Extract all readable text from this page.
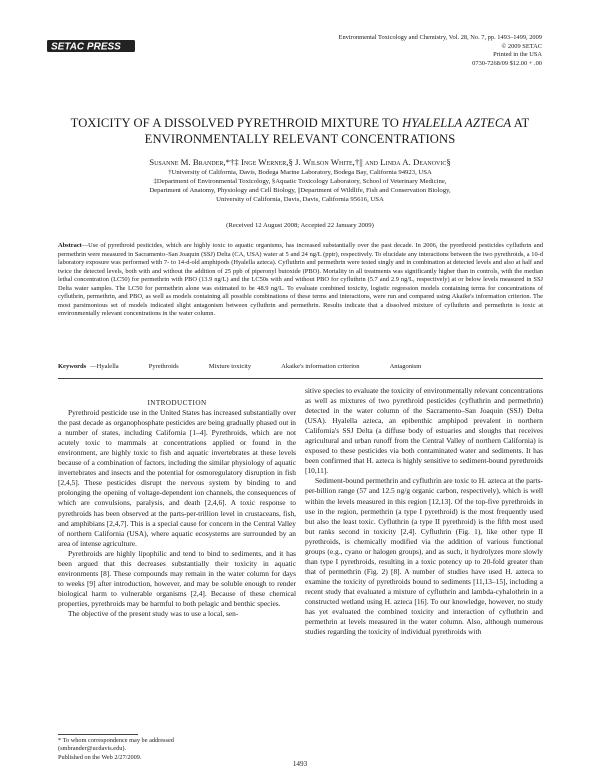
SETAC PRESS
Environmental Toxicology and Chemistry, Vol. 28, No. 7, pp. 1493–1499, 2009
© 2009 SETAC
Printed in the USA
0730-7268/09 $12.00 + .00
TOXICITY OF A DISSOLVED PYRETHROID MIXTURE TO HYALELLA AZTECA AT
ENVIRONMENTALLY RELEVANT CONCENTRATIONS
Susanne M. Brander,*†‡ Inge Werner,§ J. Wilson White,†|| and Linda A. Deanovic§
†University of California, Davis, Bodega Marine Laboratory, Bodega Bay, California 94923, USA
‡Department of Environmental Toxicology, §Aquatic Toxicology Laboratory, School of Veterinary Medicine,
Department of Anatomy, Physiology and Cell Biology, ||Department of Wildlife, Fish and Conservation Biology,
University of California, Davis, Davis, California 95616, USA
(Received 12 August 2008; Accepted 22 January 2009)
Abstract—Use of pyrethroid pesticides, which are highly toxic to aquatic organisms, has increased substantially over the past decade. In 2006, the pyrethroid pesticides cyfluthrin and permethrin were measured in Sacramento–San Joaquin (SSJ) Delta (CA, USA) water at 5 and 24 ng/L (pptr), respectively. To elucidate any interactions between the two pyrethroids, a 10-d laboratory exposure was performed with 7- to 14-d-old amphipods (Hyalella azteca). Cyfluthrin and permethrin were tested singly and in combination at detected levels and also at half and twice the detected levels, both with and without the addition of 25 ppb of piperonyl butoxide (PBO). Mortality in all treatments was significantly higher than in controls, with the median lethal concentration (LC50) for permethrin with PBO (13.9 ng/L) and the LC50s with and without PBO for cyfluthrin (5.7 and 2.9 ng/L, respectively) at or below levels measured in SSJ Delta water samples. The LC50 for permethrin alone was estimated to be 48.9 ng/L. To evaluate combined toxicity, logistic regression models containing terms for concentrations of cyfluthrin, permethrin, and PBO, as well as models containing all possible combinations of these terms and interactions, were run and compared using Akaike's information criterion. The most parsimonious set of models indicated slight antagonism between cyfluthrin and permethrin. Results indicate that a dissolved mixture of cyfluthrin and permethrin is toxic at environmentally relevant concentrations in the water column.
Keywords —Hyalella	Pyrethroids	Mixture toxicity	Akaike's information criterion	Antagonism

INTRODUCTION

Pyrethroid pesticide use in the United States has increased substantially over the past decade as organophosphate pesticides are being gradually phased out in a number of states, including California [1–4]. Pyrethroids, which are not acutely toxic to mammals at concentrations applied or found in the environment, are highly toxic to fish and aquatic invertebrates at these levels because of a combination of factors, including the similar physiology of aquatic invertebrates and insects and the potential for osmoregulatory disruption in fish [2,4,5]. These pesticides disrupt the nervous system by binding to and prolonging the opening of voltage-dependent ion channels, the consequences of which are convulsions, paralysis, and death [2,4,6]. A toxic response to pyrethroids has been observed at the parts-per-trillion level in crustaceans, fish, and amphibians [2,4,7]. This is a special cause for concern in the Central Valley of northern California (USA), where aquatic ecosystems are surrounded by an area of intense agriculture.

Pyrethroids are highly lipophilic and tend to bind to sediments, and it has been argued that this decreases substantially their toxicity in aquatic environments [8]. These compounds may remain in the water column for days to weeks [9] after introduction, however, and may be soluble enough to render biological harm to vulnerable organisms [2,4]. Because of these chemical properties, pyrethroids may be harmful to both pelagic and benthic species.

The objective of the present study was to use a local, sen-

sitive species to evaluate the toxicity of environmentally relevant concentrations as well as mixtures of two pyrethroid pesticides (cyfluthrin and permethrin) detected in the water column of the Sacramento–San Joaquin (SSJ) Delta (USA). Hyalella azteca, an epibenthic amphipod prevalent in northern California's SSJ Delta (a diffuse body of estuaries and sloughs that receives agricultural and urban runoff from the Central Valley of northern California) is exposed to these pesticides via both contaminated water and sediments. It has been confirmed that H. azteca is highly sensitive to sediment-bound pyrethroids [10,11].

Sediment-bound permethrin and cyfluthrin are toxic to H. azteca at the parts-per-billion range (57 and 12.5 ng/g organic carbon, respectively), which is well within the levels measured in this region [12,13]. Of the top-five pyrethroids in use in the region, permethrin (a type I pyrethroid) is the most frequently used but also the least toxic. Cyfluthrin (a type II pyrethroid) is the fifth most used but ranks second in toxicity [2,4]. Cyfluthrin (Fig. 1), like other type II pyrethroids, is chemically modified via the addition of various functional groups (e.g., cyano or halogen groups), and as such, it hydrolyzes more slowly than type I pyrethroids, resulting in a toxic potency up to 20-fold greater than that of permethrin (Fig. 2) [8]. A number of studies have used H. azteca to examine the toxicity of pyrethroids bound to sediments [11,13–15], including a recent study that evaluated a mixture of cyfluthrin and lambda-cyhalothrin in a constructed wetland using H. azteca [16]. To our knowledge, however, no study has yet evaluated the combined toxicity and interaction of cyfluthrin and permethrin at levels measured in the water column. Also, although numerous studies regarding the toxicity of individual pyrethroids with

* To whom correspondence may be addressed
(smbrander@ucdavis.edu).
Published on the Web 2/27/2009.
1493
